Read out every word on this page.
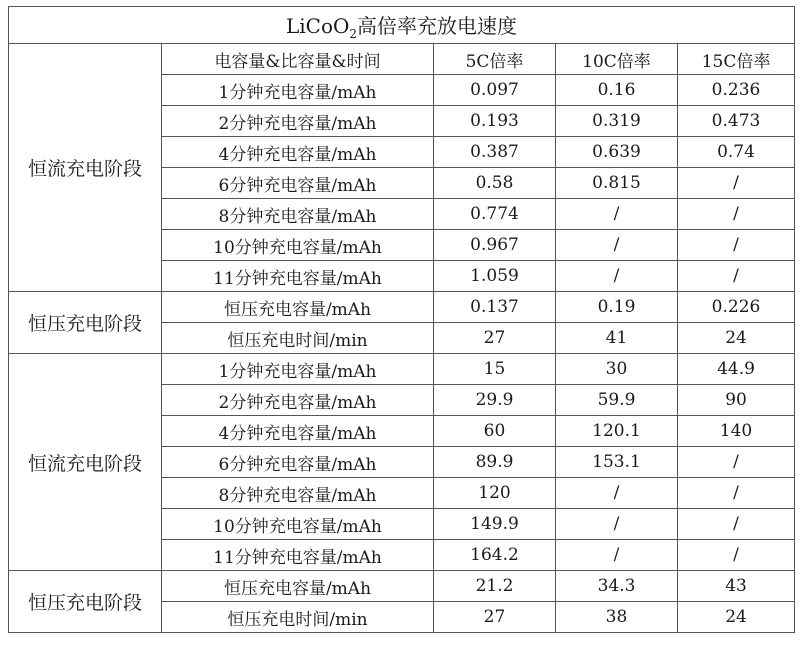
LiCoO$_2$高倍率充放电速度				
恒流充电阶段	电容量&比容量&时间	5C倍率	10C倍率	15C倍率
	1分钟充电容量/mAh	0.097	0.16	0.236
	2分钟充电容量/mAh	0.193	0.319	0.473
	4分钟充电容量/mAh	0.387	0.639	0.74
	6分钟充电容量/mAh	0.58	0.815	/
	8分钟充电容量/mAh	0.774	/	/
	10分钟充电容量/mAh	0.967	/	/
	11分钟充电容量/mAh	1.059	/	/
恒压充电阶段	恒压充电容量/mAh	0.137	0.19	0.226
	恒压充电时间/min	27	41	24
恒流充电阶段	1分钟充电容量/mAh	15	30	44.9
	2分钟充电容量/mAh	29.9	59.9	90
	4分钟充电容量/mAh	60	120.1	140
	6分钟充电容量/mAh	89.9	153.1	/
	8分钟充电容量/mAh	120	/	/
	10分钟充电容量/mAh	149.9	/	/
	11分钟充电容量/mAh	164.2	/	/
恒压充电阶段	恒压充电容量/mAh	21.2	34.3	43
	恒压充电时间/min	27	38	24
